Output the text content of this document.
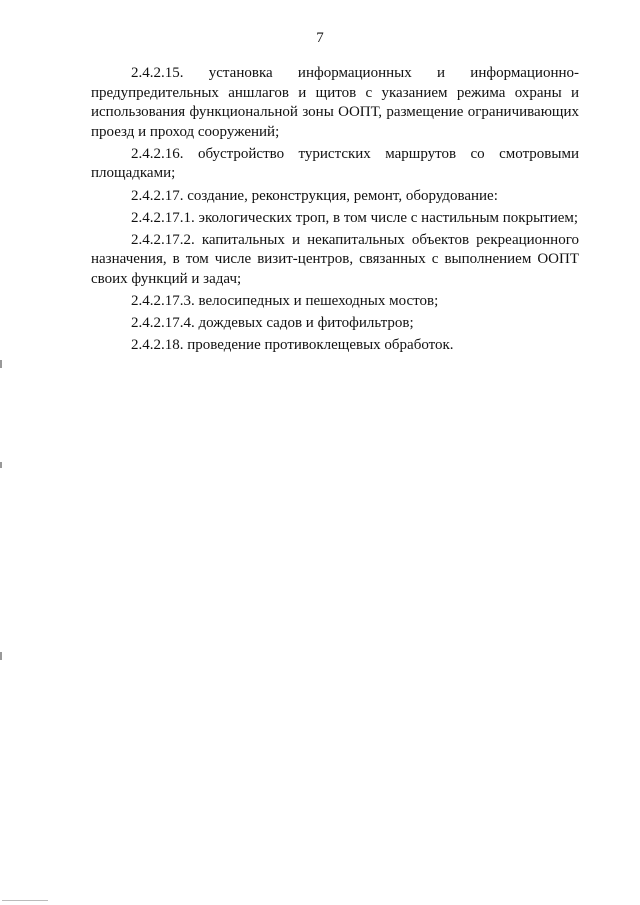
7

2.4.2.15. установка информационных и информационно-предупредительных аншлагов и щитов с указанием режима охраны и использования функциональной зоны ООПТ, размещение ограничивающих проезд и проход сооружений;

2.4.2.16. обустройство туристских маршрутов со смотровыми площадками;

2.4.2.17. создание, реконструкция, ремонт, оборудование:

2.4.2.17.1. экологических троп, в том числе с настильным покрытием;

2.4.2.17.2. капитальных и некапитальных объектов рекреационного назначения, в том числе визит-центров, связанных с выполнением ООПТ своих функций и задач;

2.4.2.17.3. велосипедных и пешеходных мостов;

2.4.2.17.4. дождевых садов и фитофильтров;

2.4.2.18. проведение противоклещевых обработок.
